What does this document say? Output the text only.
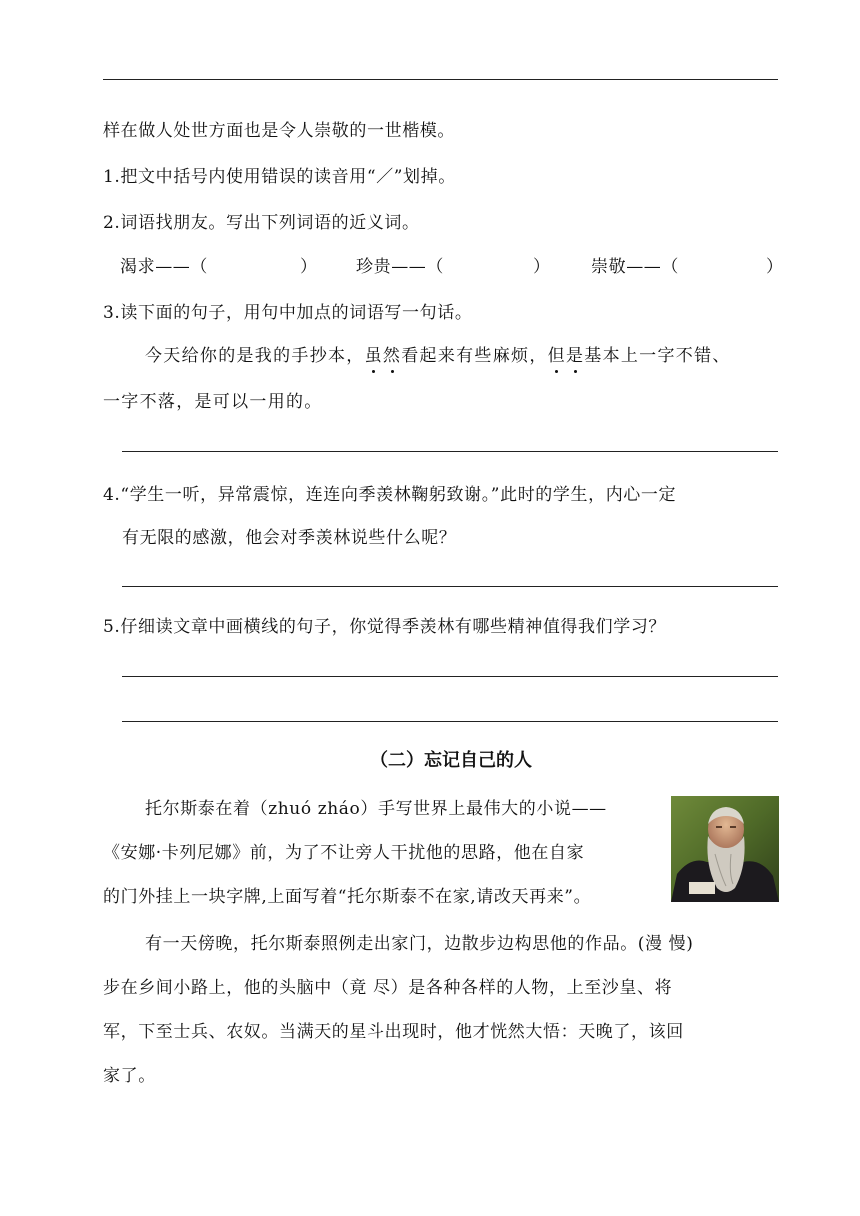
样在做人处世方面也是令人崇敬的一世楷模。
1.把文中括号内使用错误的读音用“／”划掉。
2.词语找朋友。写出下列词语的近义词。
渴求——（	） 珍贵——（	） 崇敬——（	）
3.读下面的句子，用句中加点的词语写一句话。
今天给你的是我的手抄本，虽然看起来有些麻烦，但是基本上一字不错、
一字不落，是可以一用的。
4.“学生一听，异常震惊，连连向季羡林鞠躬致谢。”此时的学生，内心一定
有无限的感激，他会对季羡林说些什么呢？
5.仔细读文章中画横线的句子，你觉得季羡林有哪些精神值得我们学习？
（二）忘记自己的人
托尔斯泰在着（zhuó zháo）手写世界上最伟大的小说——
《安娜·卡列尼娜》前，为了不让旁人干扰他的思路，他在自家
的门外挂上一块字牌,上面写着“托尔斯泰不在家,请改天再来”。
有一天傍晚，托尔斯泰照例走出家门，边散步边构思他的作品。(漫 慢)
步在乡间小路上，他的头脑中（竟 尽）是各种各样的人物，上至沙皇、将
军，下至士兵、农奴。当满天的星斗出现时，他才恍然大悟：天晚了，该回
家了。
